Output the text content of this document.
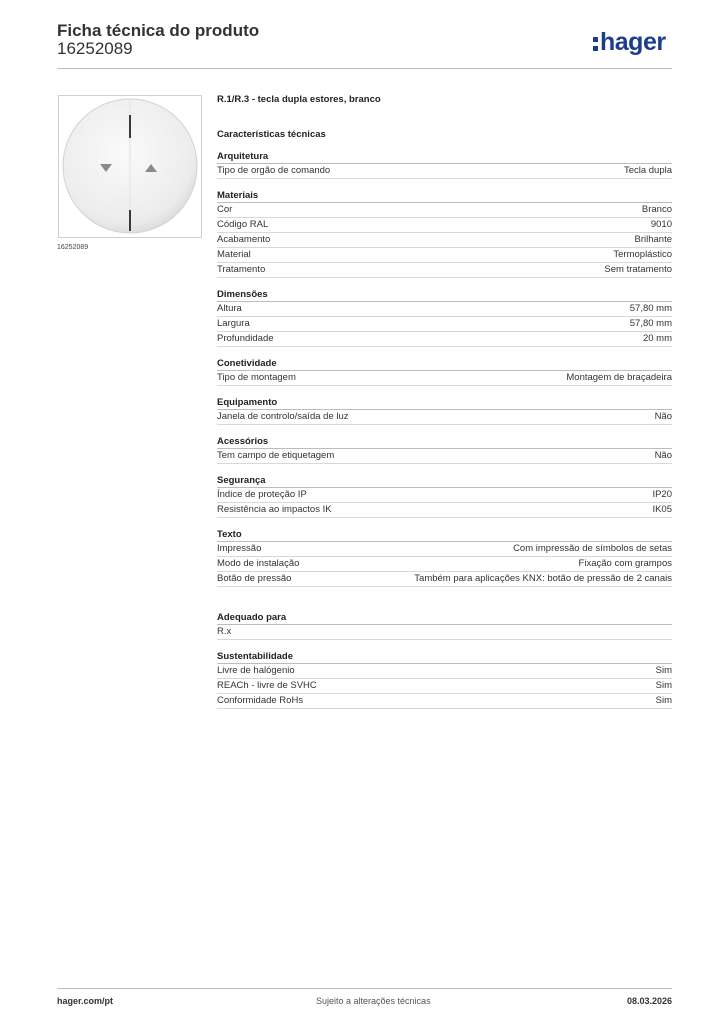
Ficha técnica do produto
16252089	hager
16252089
R.1/R.3 - tecla dupla estores, branco
Características técnicas
Arquitetura
Tipo de orgão de comando	Tecla dupla
Materiais
Cor	Branco
Código RAL	9010
Acabamento	Brilhante
Material	Termoplástico
Tratamento	Sem tratamento
Dimensões
Altura	57,80 mm
Largura	57,80 mm
Profundidade	20 mm
Conetividade
Tipo de montagem	Montagem de braçadeira
Equipamento
Janela de controlo/saída de luz	Não
Acessórios
Tem campo de etiquetagem	Não
Segurança
Índice de proteção IP	IP20
Resistência ao impactos IK	IK05
Texto
Impressão	Com impressão de símbolos de setas
Modo de instalação	Fixação com grampos
Botão de pressão	Também para aplicações KNX: botão de pressão de 2 canais
Adequado para
R.x
Sustentabilidade
Livre de halógenio	Sim
REACh - livre de SVHC	Sim
Conformidade RoHs	Sim
hager.com/pt	Sujeito a alterações técnicas	08.03.2026
